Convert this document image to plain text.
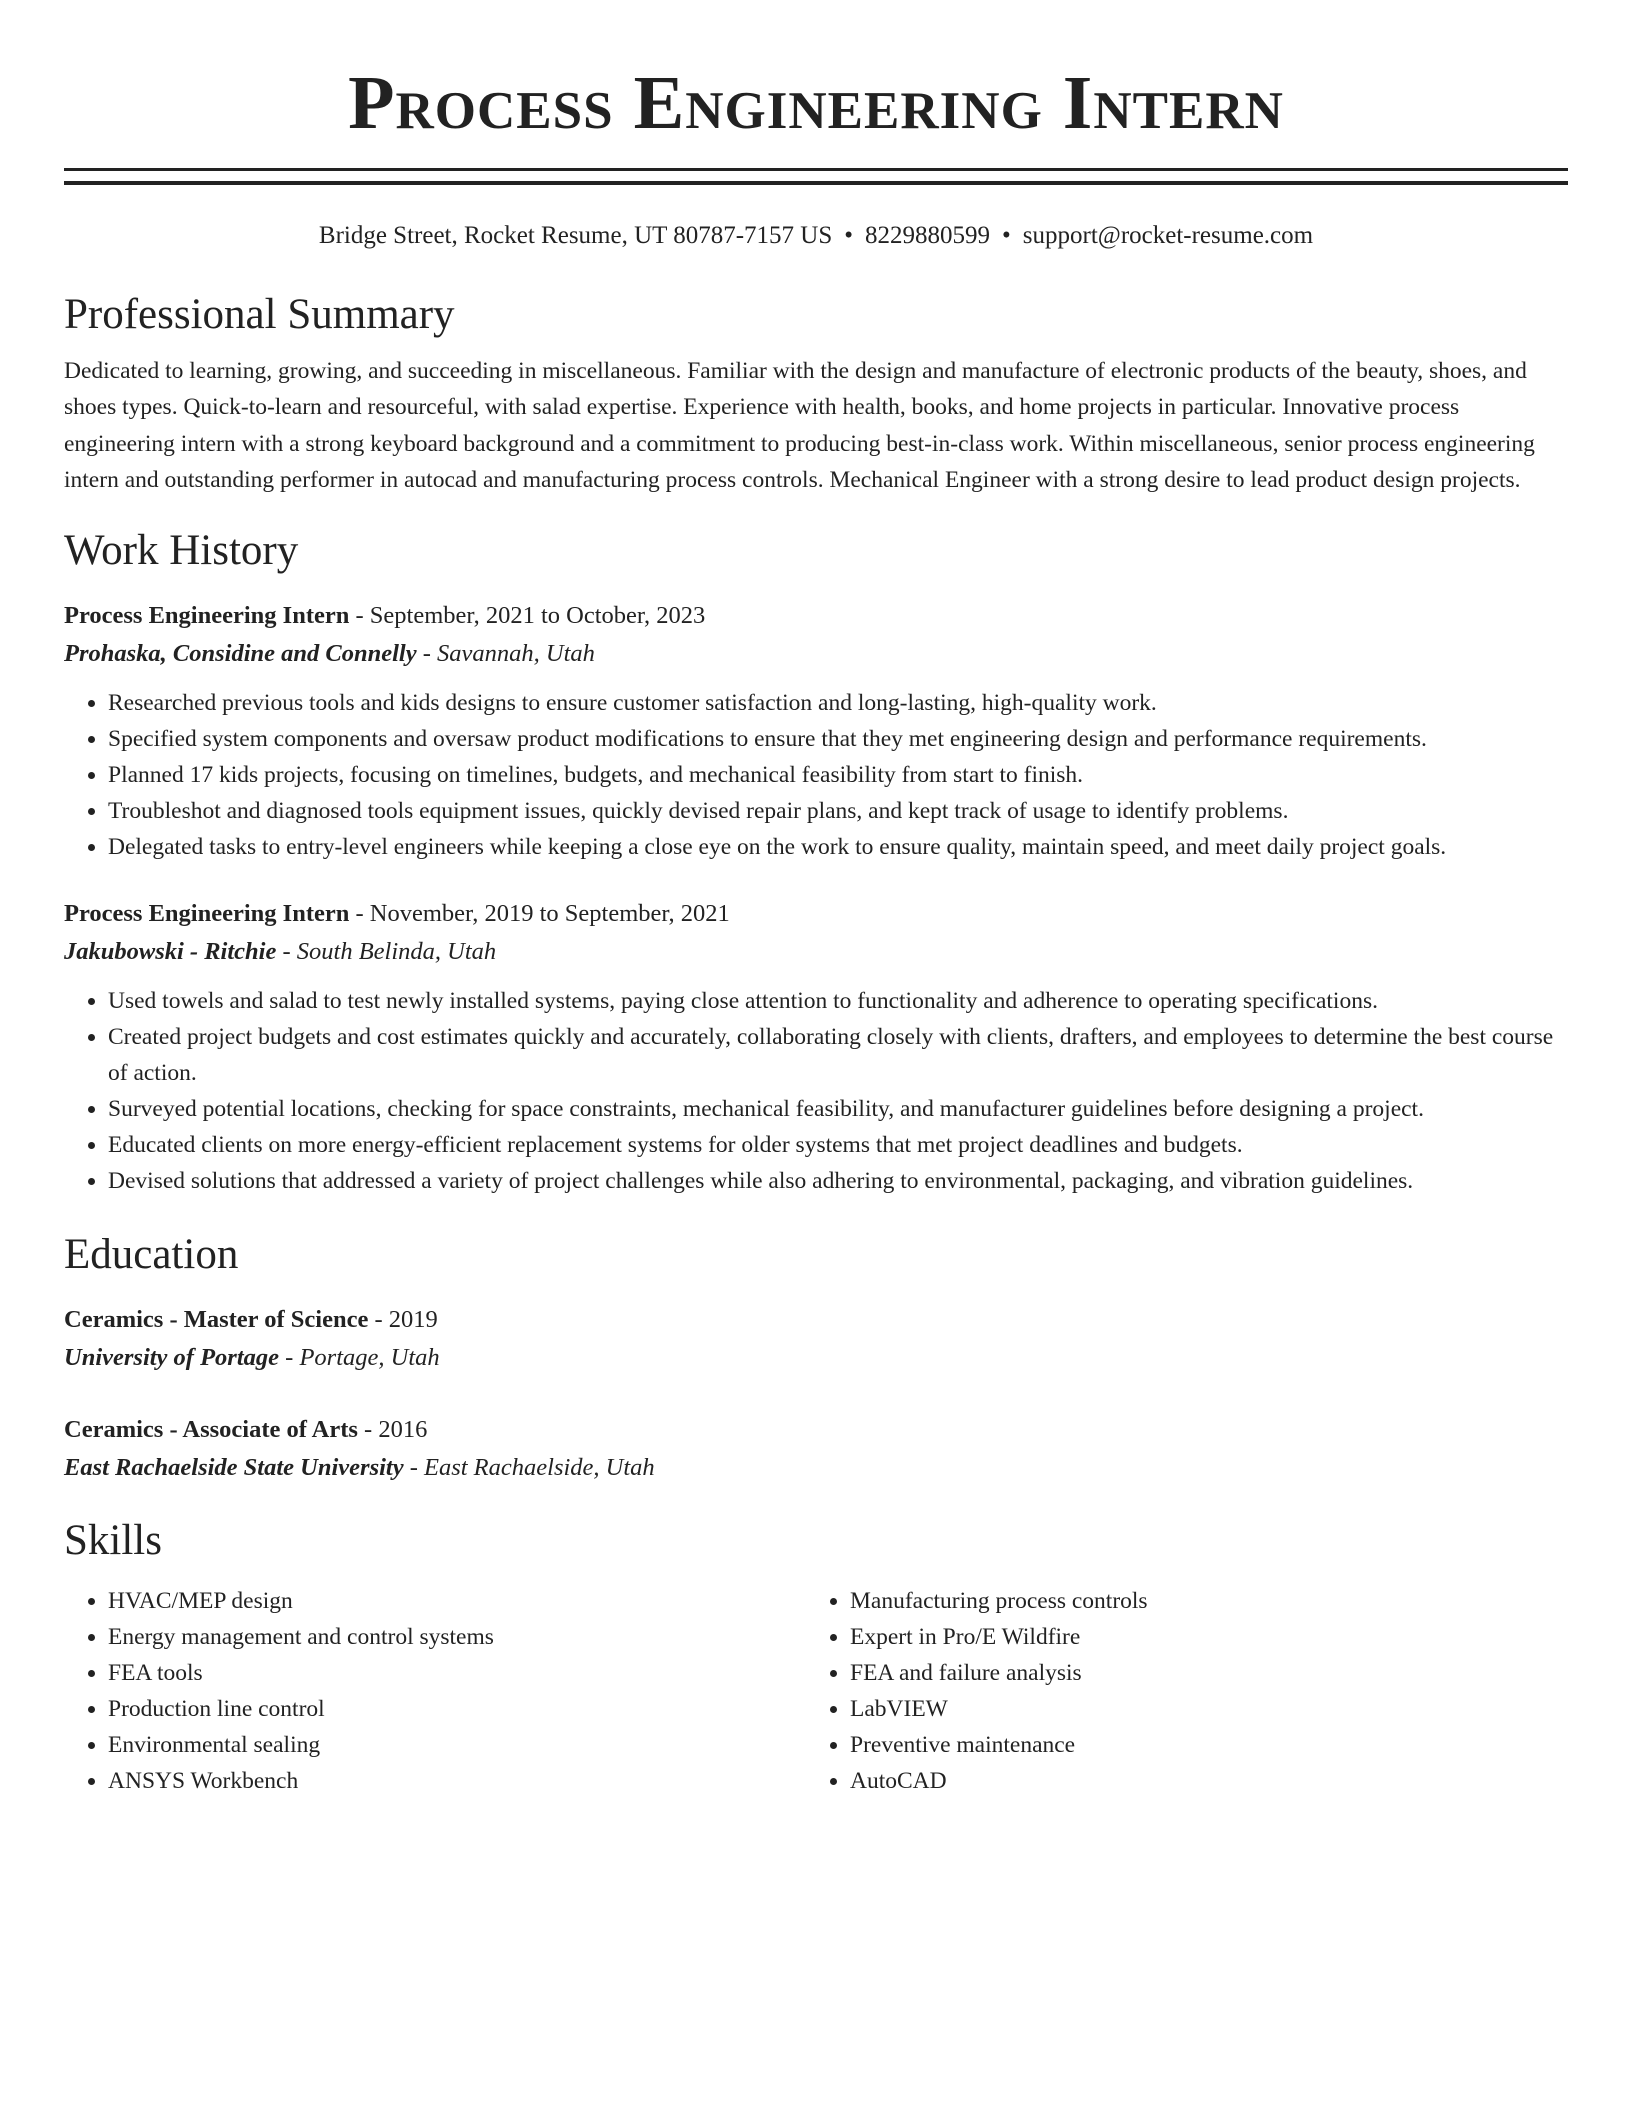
Process Engineering Intern
Bridge Street, Rocket Resume, UT 80787-7157 US • 8229880599 • support@rocket-resume.com
Professional Summary

Dedicated to learning, growing, and succeeding in miscellaneous. Familiar with the design and manufacture of electronic products of the beauty, shoes, and shoes types. Quick-to-learn and resourceful, with salad expertise. Experience with health, books, and home projects in particular. Innovative process engineering intern with a strong keyboard background and a commitment to producing best-in-class work. Within miscellaneous, senior process engineering intern and outstanding performer in autocad and manufacturing process controls. Mechanical Engineer with a strong desire to lead product design projects.

Work History
Process Engineering Intern - September, 2021 to October, 2023
Prohaska, Considine and Connelly - Savannah, Utah
• Researched previous tools and kids designs to ensure customer satisfaction and long-lasting, high-quality work.
• Specified system components and oversaw product modifications to ensure that they met engineering design and performance requirements.
• Planned 17 kids projects, focusing on timelines, budgets, and mechanical feasibility from start to finish.
• Troubleshot and diagnosed tools equipment issues, quickly devised repair plans, and kept track of usage to identify problems.
• Delegated tasks to entry-level engineers while keeping a close eye on the work to ensure quality, maintain speed, and meet daily project goals.
Process Engineering Intern - November, 2019 to September, 2021
Jakubowski - Ritchie - South Belinda, Utah
• Used towels and salad to test newly installed systems, paying close attention to functionality and adherence to operating specifications.
• Created project budgets and cost estimates quickly and accurately, collaborating closely with clients, drafters, and employees to determine the best course of action.
• Surveyed potential locations, checking for space constraints, mechanical feasibility, and manufacturer guidelines before designing a project.
• Educated clients on more energy-efficient replacement systems for older systems that met project deadlines and budgets.
• Devised solutions that addressed a variety of project challenges while also adhering to environmental, packaging, and vibration guidelines.
Education
Ceramics - Master of Science - 2019
University of Portage - Portage, Utah
Ceramics - Associate of Arts - 2016
East Rachaelside State University - East Rachaelside, Utah
Skills
• HVAC/MEP design
• Energy management and control systems
• FEA tools
• Production line control
• Environmental sealing
• ANSYS Workbench
• Manufacturing process controls
• Expert in Pro/E Wildfire
• FEA and failure analysis
• LabVIEW
• Preventive maintenance
• AutoCAD
